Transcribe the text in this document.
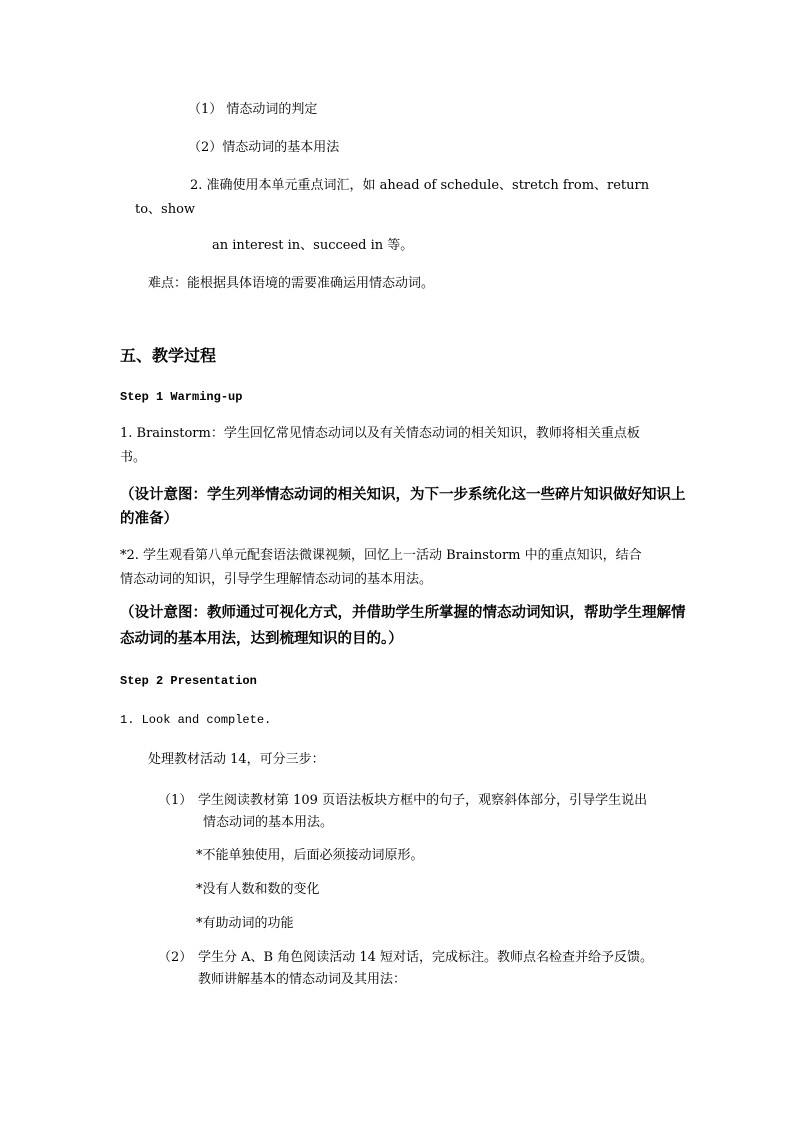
（1） 情态动词的判定
（2）情态动词的基本用法
2. 准确使用本单元重点词汇，如 ahead of schedule、stretch from、return
to、show
an interest in、succeed in 等。
难点：能根据具体语境的需要准确运用情态动词。
五、教学过程
Step 1 Warming-up
1. Brainstorm：学生回忆常见情态动词以及有关情态动词的相关知识，教师将相关重点板
书。
（设计意图：学生列举情态动词的相关知识，为下一步系统化这一些碎片知识做好知识上
的准备）
*2. 学生观看第八单元配套语法微课视频，回忆上一活动 Brainstorm 中的重点知识，结合
情态动词的知识，引导学生理解情态动词的基本用法。
（设计意图：教师通过可视化方式，并借助学生所掌握的情态动词知识，帮助学生理解情
态动词的基本用法，达到梳理知识的目的。）
Step 2 Presentation
1. Look and complete.
处理教材活动 14，可分三步：
（1） 学生阅读教材第 109 页语法板块方框中的句子，观察斜体部分，引导学生说出
情态动词的基本用法。
*不能单独使用，后面必须接动词原形。
*没有人数和数的变化
*有助动词的功能
（2） 学生分 A、B 角色阅读活动 14 短对话，完成标注。教师点名检查并给予反馈。
教师讲解基本的情态动词及其用法：
